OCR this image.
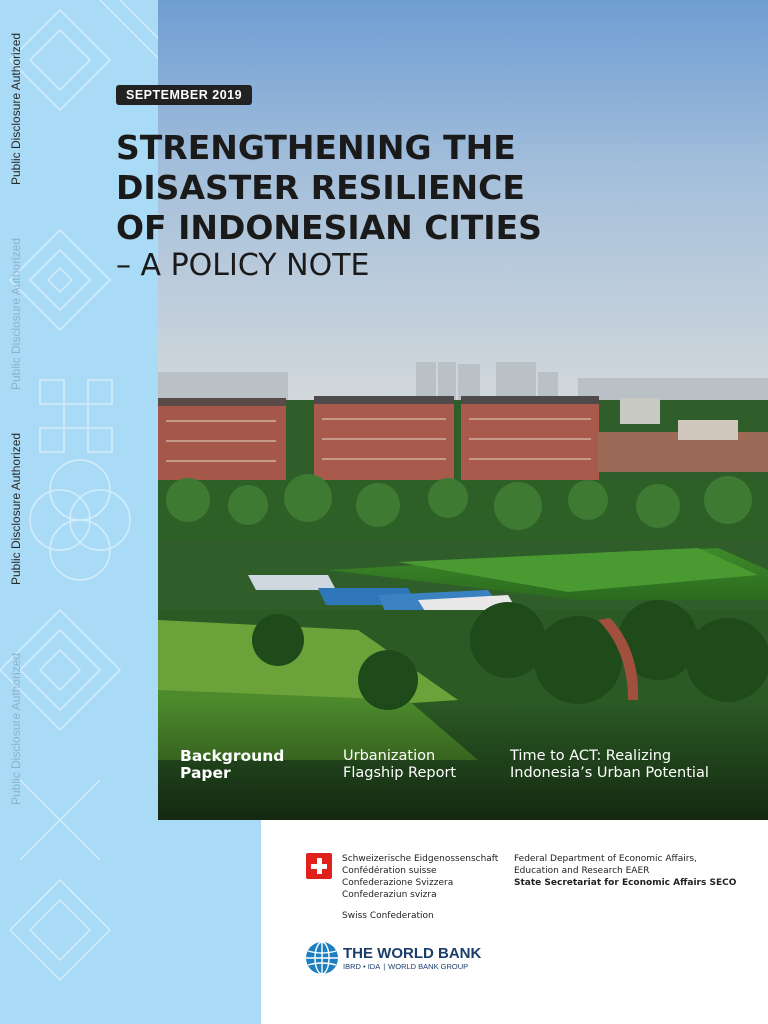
Public Disclosure Authorized
Public Disclosure Authorized
Public Disclosure Authorized
Public Disclosure Authorized
SEPTEMBER 2019
STRENGTHENING THE
DISASTER RESILIENCE
OF INDONESIAN CITIES
– A POLICY NOTE
Background
Paper
Urbanization
Flagship Report
Time to ACT: Realizing
Indonesia’s Urban Potential
Schweizerische Eidgenossenschaft
Confédération suisse
Confederazione Svizzera
Confederaziun svizra
Swiss Confederation
Federal Department of Economic Affairs,
Education and Research EAER
State Secretariat for Economic Affairs SECO
THE WORLD BANK
IBRD • IDA | WORLD BANK GROUP
